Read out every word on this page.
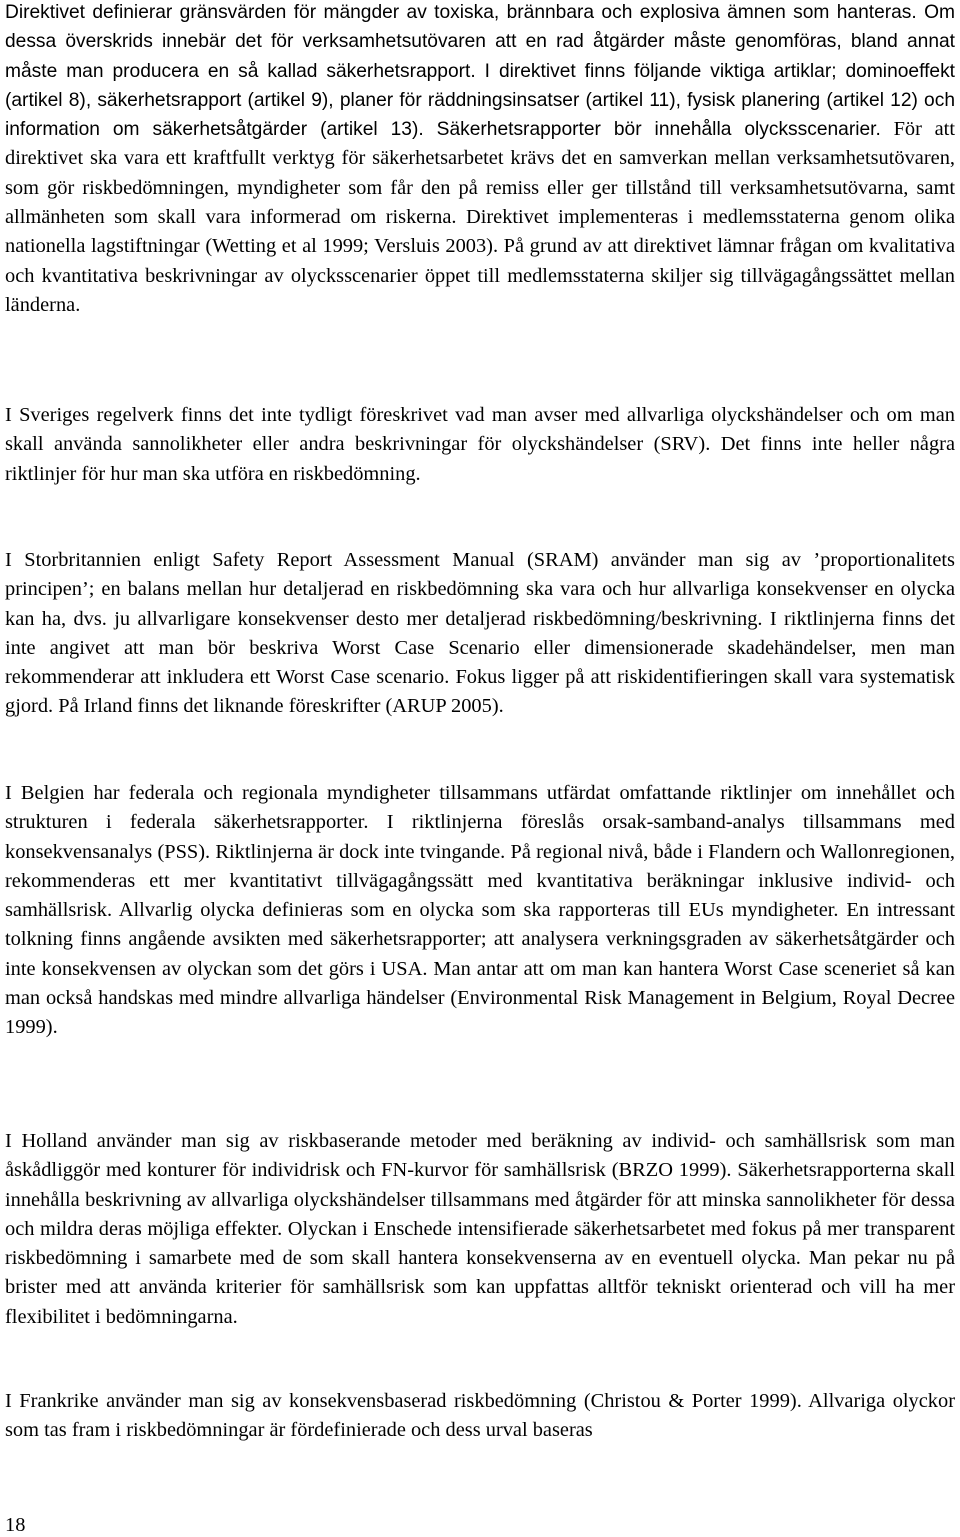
Direktivet definierar gränsvärden för mängder av toxiska, brännbara och explosiva ämnen som hanteras. Om dessa överskrids innebär det för verksamhetsutövaren att en rad åtgärder måste genomföras, bland annat måste man producera en så kallad säkerhetsrapport. I direktivet finns följande viktiga artiklar; dominoeffekt (artikel 8), säkerhetsrapport (artikel 9), planer för räddningsinsatser (artikel 11), fysisk planering (artikel 12) och information om säkerhetsåtgärder (artikel 13). Säkerhetsrapporter bör innehålla olycksscenarier. För att direktivet ska vara ett kraftfullt verktyg för säkerhetsarbetet krävs det en samverkan mellan verksamhetsutövaren, som gör riskbedömningen, myndigheter som får den på remiss eller ger tillstånd till verksamhetsutövarna, samt allmänheten som skall vara informerad om riskerna. Direktivet implementeras i medlemsstaterna genom olika nationella lagstiftningar (Wetting et al 1999; Versluis 2003). På grund av att direktivet lämnar frågan om kvalitativa och kvantitativa beskrivningar av olycksscenarier öppet till medlemsstaterna skiljer sig tillvägagångssättet mellan länderna.
I Sveriges regelverk finns det inte tydligt föreskrivet vad man avser med allvarliga olyckshändelser och om man skall använda sannolikheter eller andra beskrivningar för olyckshändelser (SRV). Det finns inte heller några riktlinjer för hur man ska utföra en riskbedömning.
I Storbritannien enligt Safety Report Assessment Manual (SRAM) använder man sig av ’proportionalitets principen’; en balans mellan hur detaljerad en riskbedömning ska vara och hur allvarliga konsekvenser en olycka kan ha, dvs. ju allvarligare konsekvenser desto mer detaljerad riskbedömning/beskrivning. I riktlinjerna finns det inte angivet att man bör beskriva Worst Case Scenario eller dimensionerade skadehändelser, men man rekommenderar att inkludera ett Worst Case scenario. Fokus ligger på att riskidentifieringen skall vara systematisk gjord. På Irland finns det liknande föreskrifter (ARUP 2005).
I Belgien har federala och regionala myndigheter tillsammans utfärdat omfattande riktlinjer om innehållet och strukturen i federala säkerhetsrapporter. I riktlinjerna föreslås orsak-samband-analys tillsammans med konsekvensanalys (PSS). Riktlinjerna är dock inte tvingande. På regional nivå, både i Flandern och Wallonregionen, rekommenderas ett mer kvantitativt tillvägagångssätt med kvantitativa beräkningar inklusive individ- och samhällsrisk. Allvarlig olycka definieras som en olycka som ska rapporteras till EUs myndigheter. En intressant tolkning finns angående avsikten med säkerhetsrapporter; att analysera verkningsgraden av säkerhetsåtgärder och inte konsekvensen av olyckan som det görs i USA. Man antar att om man kan hantera Worst Case sceneriet så kan man också handskas med mindre allvarliga händelser (Environmental Risk Management in Belgium, Royal Decree 1999).
I Holland använder man sig av riskbaserande metoder med beräkning av individ- och samhällsrisk som man åskådliggör med konturer för individrisk och FN-kurvor för samhällsrisk (BRZO 1999). Säkerhetsrapporterna skall innehålla beskrivning av allvarliga olyckshändelser tillsammans med åtgärder för att minska sannolikheter för dessa och mildra deras möjliga effekter. Olyckan i Enschede intensifierade säkerhetsarbetet med fokus på mer transparent riskbedömning i samarbete med de som skall hantera konsekvenserna av en eventuell olycka. Man pekar nu på brister med att använda kriterier för samhällsrisk som kan uppfattas alltför tekniskt orienterad och vill ha mer flexibilitet i bedömningarna.
I Frankrike använder man sig av konsekvensbaserad riskbedömning (Christou & Porter 1999). Allvariga olyckor som tas fram i riskbedömningar är fördefinierade och dess urval baseras
18
